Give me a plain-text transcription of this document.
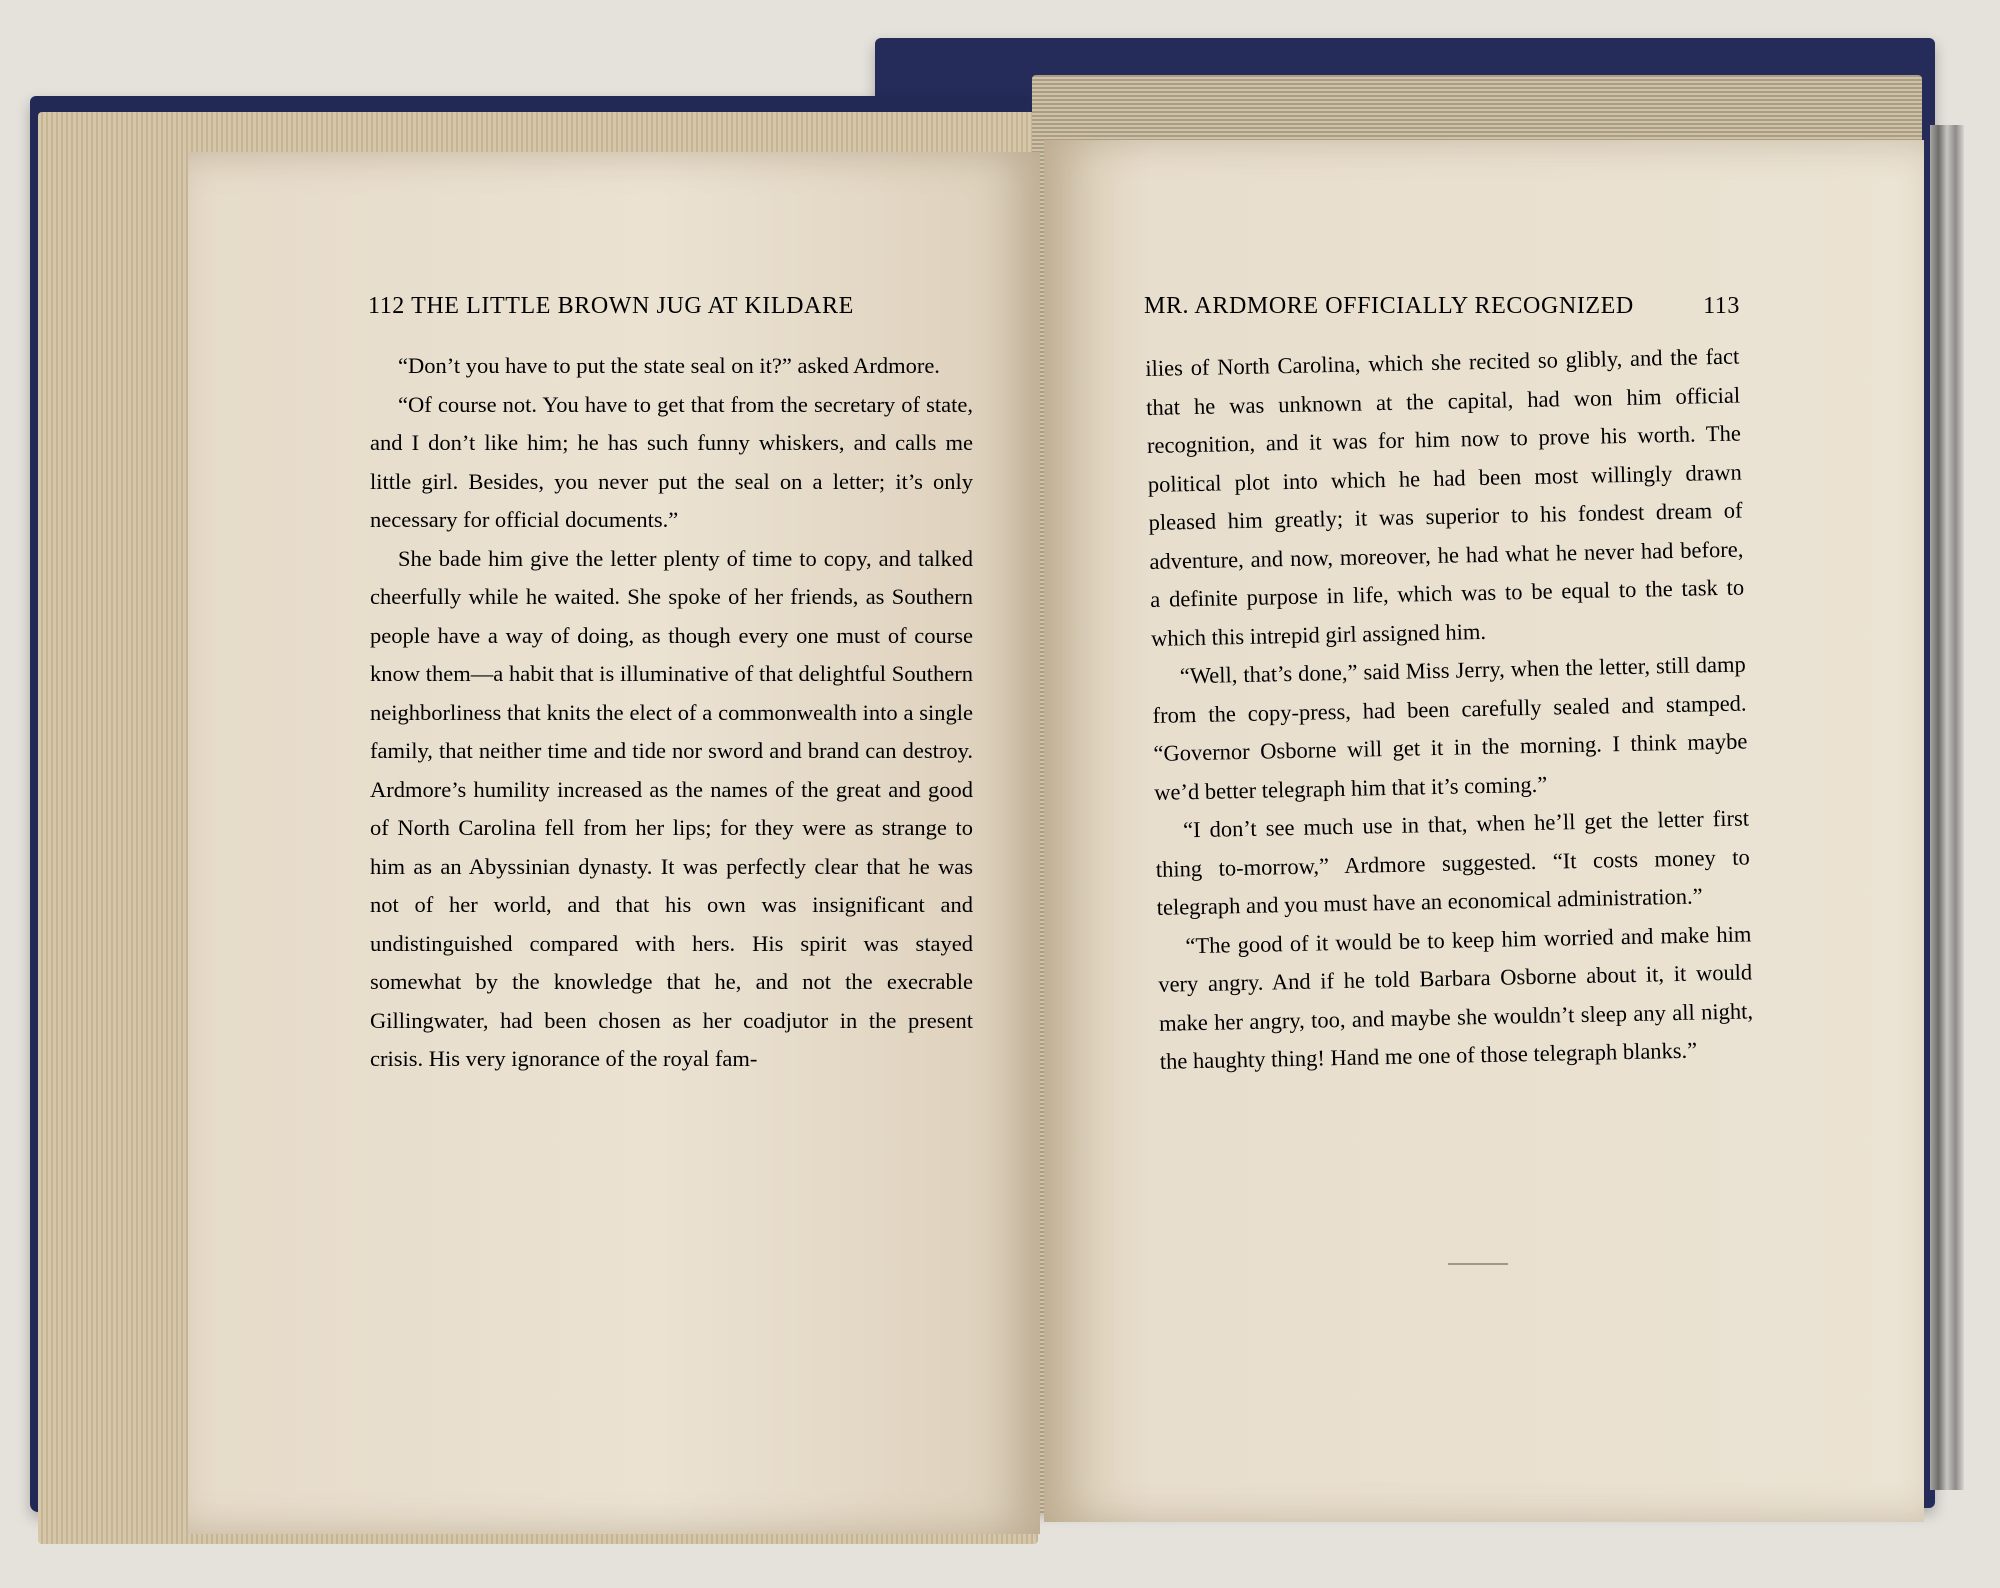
112 THE LITTLE BROWN JUG AT KILDARE

“Don’t you have to put the state seal on it?” asked Ardmore.

“Of course not. You have to get that from the secretary of state, and I don’t like him; he has such funny whiskers, and calls me little girl. Besides, you never put the seal on a letter; it’s only necessary for official documents.”

She bade him give the letter plenty of time to copy, and talked cheerfully while he waited. She spoke of her friends, as Southern people have a way of doing, as though every one must of course know them—a habit that is illuminative of that delightful Southern neighborliness that knits the elect of a commonwealth into a single family, that neither time and tide nor sword and brand can destroy. Ardmore’s humility increased as the names of the great and good of North Carolina fell from her lips; for they were as strange to him as an Abyssinian dynasty. It was perfectly clear that he was not of her world, and that his own was insignificant and undistinguished compared with hers. His spirit was stayed somewhat by the knowledge that he, and not the execrable Gillingwater, had been chosen as her coadjutor in the present crisis. His very ignorance of the royal fam-

MR. ARDMORE OFFICIALLY RECOGNIZED	113

ilies of North Carolina, which she recited so glibly, and the fact that he was unknown at the capital, had won him official recognition, and it was for him now to prove his worth. The political plot into which he had been most willingly drawn pleased him greatly; it was superior to his fondest dream of adventure, and now, moreover, he had what he never had before, a definite purpose in life, which was to be equal to the task to which this intrepid girl assigned him.

“Well, that’s done,” said Miss Jerry, when the letter, still damp from the copy-press, had been carefully sealed and stamped. “Governor Osborne will get it in the morning. I think maybe we’d better telegraph him that it’s coming.”

“I don’t see much use in that, when he’ll get the letter first thing to-morrow,” Ardmore suggested. “It costs money to telegraph and you must have an economical administration.”

“The good of it would be to keep him worried and make him very angry. And if he told Barbara Osborne about it, it would make her angry, too, and maybe she wouldn’t sleep any all night, the haughty thing! Hand me one of those telegraph blanks.”
